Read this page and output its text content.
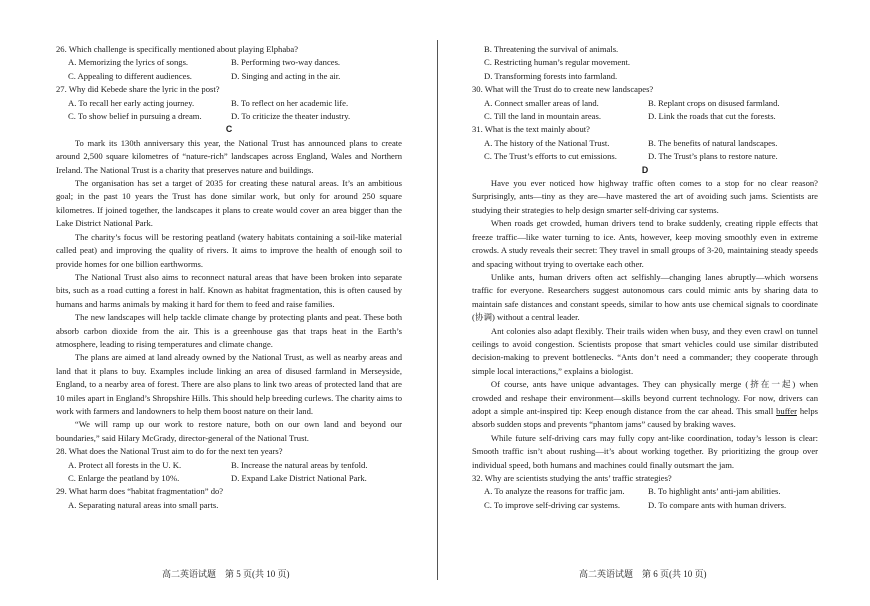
26. Which challenge is specifically mentioned about playing Elphaba?
A. Memorizing the lyrics of songs.	B. Performing two-way dances.
C. Appealing to different audiences.	D. Singing and acting in the air.
27. Why did Kebede share the lyric in the post?
A. To recall her early acting journey.	B. To reflect on her academic life.
C. To show belief in pursuing a dream.	D. To criticize the theater industry.
C
To mark its 130th anniversary this year, the National Trust has announced plans to create around 2,500 square kilometres of “nature-rich” landscapes across England, Wales and Northern Ireland. The National Trust is a charity that preserves nature and buildings.
The organisation has set a target of 2035 for creating these natural areas. It’s an ambitious goal; in the past 10 years the Trust has done similar work, but only for around 250 square kilometres. If joined together, the landscapes it plans to create would cover an area bigger than the Lake District National Park.
The charity’s focus will be restoring peatland (watery habitats containing a soil-like material called peat) and improving the quality of rivers. It aims to improve the health of enough soil to provide homes for one billion earthworms.
The National Trust also aims to reconnect natural areas that have been broken into separate bits, such as a road cutting a forest in half. Known as habitat fragmentation, this is often caused by humans and harms animals by making it hard for them to feed and raise families.
The new landscapes will help tackle climate change by protecting plants and peat. These both absorb carbon dioxide from the air. This is a greenhouse gas that traps heat in the Earth’s atmosphere, leading to rising temperatures and climate change.
The plans are aimed at land already owned by the National Trust, as well as nearby areas and land that it plans to buy. Examples include linking an area of disused farmland in Merseyside, England, to a nearby area of forest. There are also plans to link two areas of protected land that are 10 miles apart in England’s Shropshire Hills. This should help breeding curlews. The charity aims to work with farmers and landowners to help them boost nature on their land.
“We will ramp up our work to restore nature, both on our own land and beyond our boundaries,” said Hilary McGrady, director-general of the National Trust.
28. What does the National Trust aim to do for the next ten years?
A. Protect all forests in the U. K.	B. Increase the natural areas by tenfold.
C. Enlarge the peatland by 10%.	D. Expand Lake District National Park.
29. What harm does “habitat fragmentation” do?
A. Separating natural areas into small parts.
B. Threatening the survival of animals.
C. Restricting human’s regular movement.
D. Transforming forests into farmland.
30. What will the Trust do to create new landscapes?
A. Connect smaller areas of land.	B. Replant crops on disused farmland.
C. Till the land in mountain areas.	D. Link the roads that cut the forests.
31. What is the text mainly about?
A. The history of the National Trust.	B. The benefits of natural landscapes.
C. The Trust’s efforts to cut emissions.	D. The Trust’s plans to restore nature.
D
Have you ever noticed how highway traffic often comes to a stop for no clear reason? Surprisingly, ants—tiny as they are—have mastered the art of avoiding such jams. Scientists are studying their strategies to help design smarter self-driving car systems.
When roads get crowded, human drivers tend to brake suddenly, creating ripple effects that freeze traffic—like water turning to ice. Ants, however, keep moving smoothly even in extreme crowds. A study reveals their secret: They travel in small groups of 3-20, maintaining steady speeds and spacing without trying to overtake each other.
Unlike ants, human drivers often act selfishly—changing lanes abruptly—which worsens traffic for everyone. Researchers suggest autonomous cars could mimic ants by sharing data to maintain safe distances and constant speeds, similar to how ants use chemical signals to coordinate (协调) without a central leader.
Ant colonies also adapt flexibly. Their trails widen when busy, and they even crawl on tunnel ceilings to avoid congestion. Scientists propose that smart vehicles could use similar distributed decision-making to prevent bottlenecks. “Ants don’t need a commander; they cooperate through simple local interactions,” explains a biologist.
Of course, ants have unique advantages. They can physically merge (挤在一起) when crowded and reshape their environment—skills beyond current technology. For now, drivers can adopt a simple ant-inspired tip: Keep enough distance from the car ahead. This small buffer helps absorb sudden stops and prevents “phantom jams” caused by braking waves.
While future self-driving cars may fully copy ant-like coordination, today’s lesson is clear: Smooth traffic isn’t about rushing—it’s about working together. By prioritizing the group over individual speed, both humans and machines could finally outsmart the jam.
32. Why are scientists studying the ants’ traffic strategies?
A. To analyze the reasons for traffic jam.	B. To highlight ants’ anti-jam abilities.
C. To improve self-driving car systems.	D. To compare ants with human drivers.
高二英语试题　第 5 页(共 10 页)	高二英语试题　第 6 页(共 10 页)
